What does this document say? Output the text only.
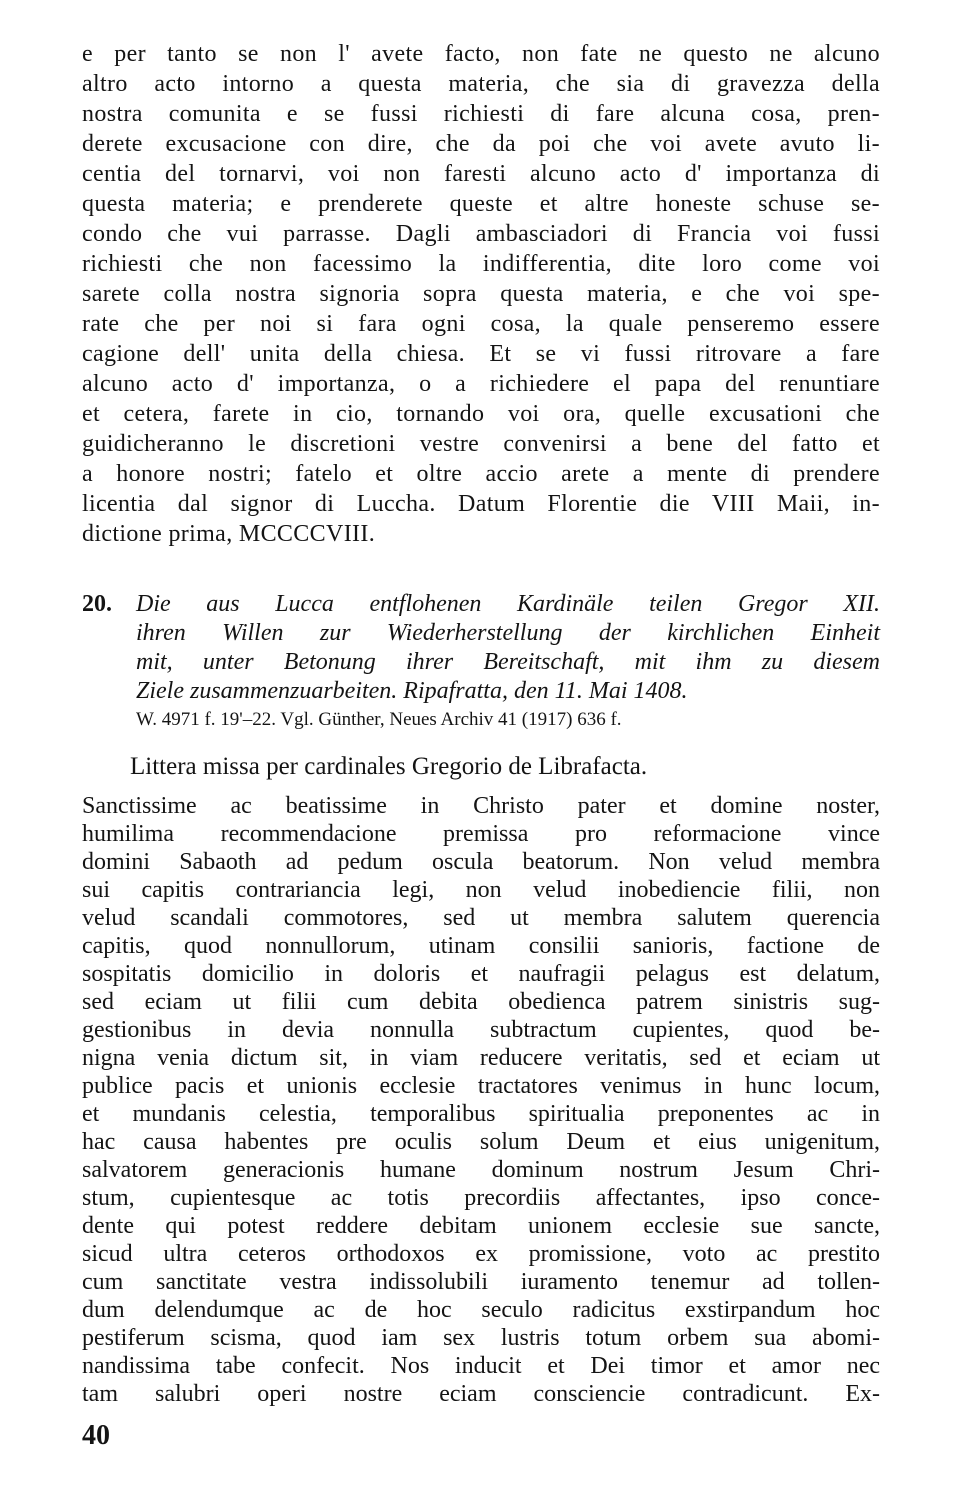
e per tanto se non l' avete facto, non fate ne questo ne alcuno
altro acto intorno a questa materia, che sia di gravezza della
nostra comunita e se fussi richiesti di fare alcuna cosa, pren-
derete excusacione con dire, che da poi che voi avete avuto li-
centia del tornarvi, voi non faresti alcuno acto d' importanza di
questa materia; e prenderete queste et altre honeste schuse se-
condo che vui parrasse. Dagli ambasciadori di Francia voi fussi
richiesti che non facessimo la indifferentia, dite loro come voi
sarete colla nostra signoria sopra questa materia, e che voi spe-
rate che per noi si fara ogni cosa, la quale penseremo essere
cagione dell' unita della chiesa. Et se vi fussi ritrovare a fare
alcuno acto d' importanza, o a richiedere el papa del renuntiare
et cetera, farete in cio, tornando voi ora, quelle excusationi che
guidicheranno le discretioni vestre convenirsi a bene del fatto et
a honore nostri; fatelo et oltre accio arete a mente di prendere
licentia dal signor di Luccha. Datum Florentie die VIII Maii, in-
dictione prima, MCCCCVIII.
20. Die aus Lucca entflohenen Kardinäle teilen Gregor XII.
ihren Willen zur Wiederherstellung der kirchlichen Einheit
mit, unter Betonung ihrer Bereitschaft, mit ihm zu diesem
Ziele zusammenzuarbeiten. Ripafratta, den 11. Mai 1408.
W. 4971 f. 19'–22. Vgl. Günther, Neues Archiv 41 (1917) 636 f.
Littera missa per cardinales Gregorio de Librafacta.
Sanctissime ac beatissime in Christo pater et domine noster,
humilima recommendacione premissa pro reformacione vince
domini Sabaoth ad pedum oscula beatorum. Non velud membra
sui capitis contrariancia legi, non velud inobediencie filii, non
velud scandali commotores, sed ut membra salutem querencia
capitis, quod nonnullorum, utinam consilii sanioris, factione de
sospitatis domicilio in doloris et naufragii pelagus est delatum,
sed eciam ut filii cum debita obedienca patrem sinistris sug-
gestionibus in devia nonnulla subtractum cupientes, quod be-
nigna venia dictum sit, in viam reducere veritatis, sed et eciam ut
publice pacis et unionis ecclesie tractatores venimus in hunc locum,
et mundanis celestia, temporalibus spiritualia preponentes ac in
hac causa habentes pre oculis solum Deum et eius unigenitum,
salvatorem generacionis humane dominum nostrum Jesum Chri-
stum, cupientesque ac totis precordiis affectantes, ipso conce-
dente qui potest reddere debitam unionem ecclesie sue sancte,
sicud ultra ceteros orthodoxos ex promissione, voto ac prestito
cum sanctitate vestra indissolubili iuramento tenemur ad tollen-
dum delendumque ac de hoc seculo radicitus exstirpandum hoc
pestiferum scisma, quod iam sex lustris totum orbem sua abomi-
nandissima tabe confecit. Nos inducit et Dei timor et amor nec
tam salubri operi nostre eciam consciencie contradicunt. Ex-
40
